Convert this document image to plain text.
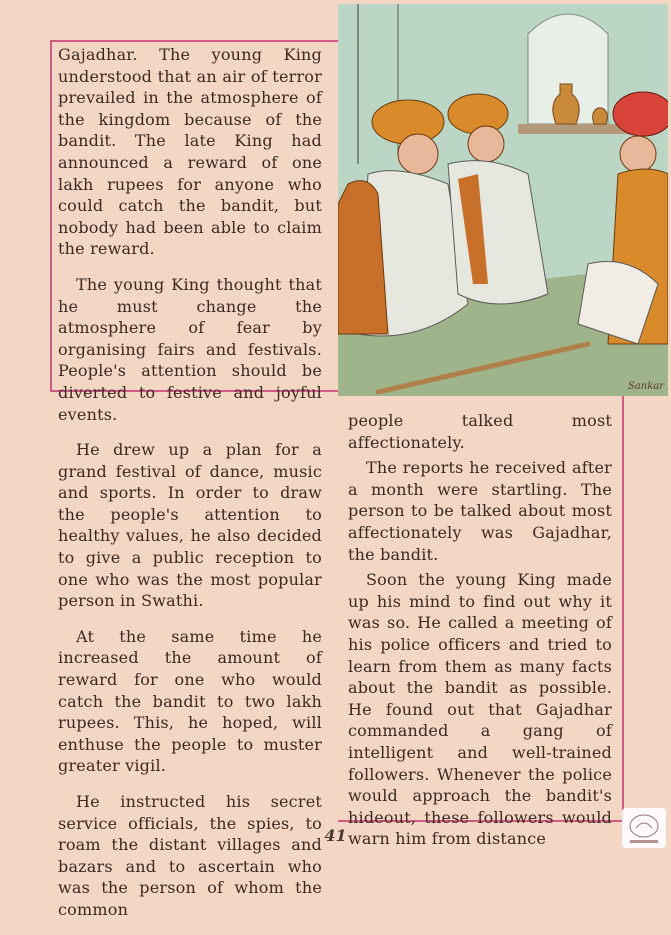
Sankar

Gajadhar. The young King understood that an air of terror prevailed in the atmosphere of the kingdom because of the bandit. The late King had announced a reward of one lakh rupees for anyone who could catch the bandit, but nobody had been able to claim the reward.

The young King thought that he must change the atmosphere of fear by organising fairs and festivals. People's attention should be diverted to festive and joyful events.

He drew up a plan for a grand festival of dance, music and sports. In order to draw the people's attention to healthy values, he also decided to give a public reception to one who was the most popular person in Swathi.

At the same time he increased the amount of reward for one who would catch the bandit to two lakh rupees. This, he hoped, will enthuse the people to muster greater vigil.

He instructed his secret service officials, the spies, to roam the distant villages and bazars and to ascertain who was the person of whom the common

people talked most affectionately.

The reports he received after a month were startling. The person to be talked about most affectionately was Gajadhar, the bandit.

Soon the young King made up his mind to find out why it was so. He called a meeting of his police officers and tried to learn from them as many facts about the bandit as possible. He found out that Gajadhar commanded a gang of intelligent and well-trained followers. Whenever the police would approach the bandit's hideout, these followers would warn him from distance

41
